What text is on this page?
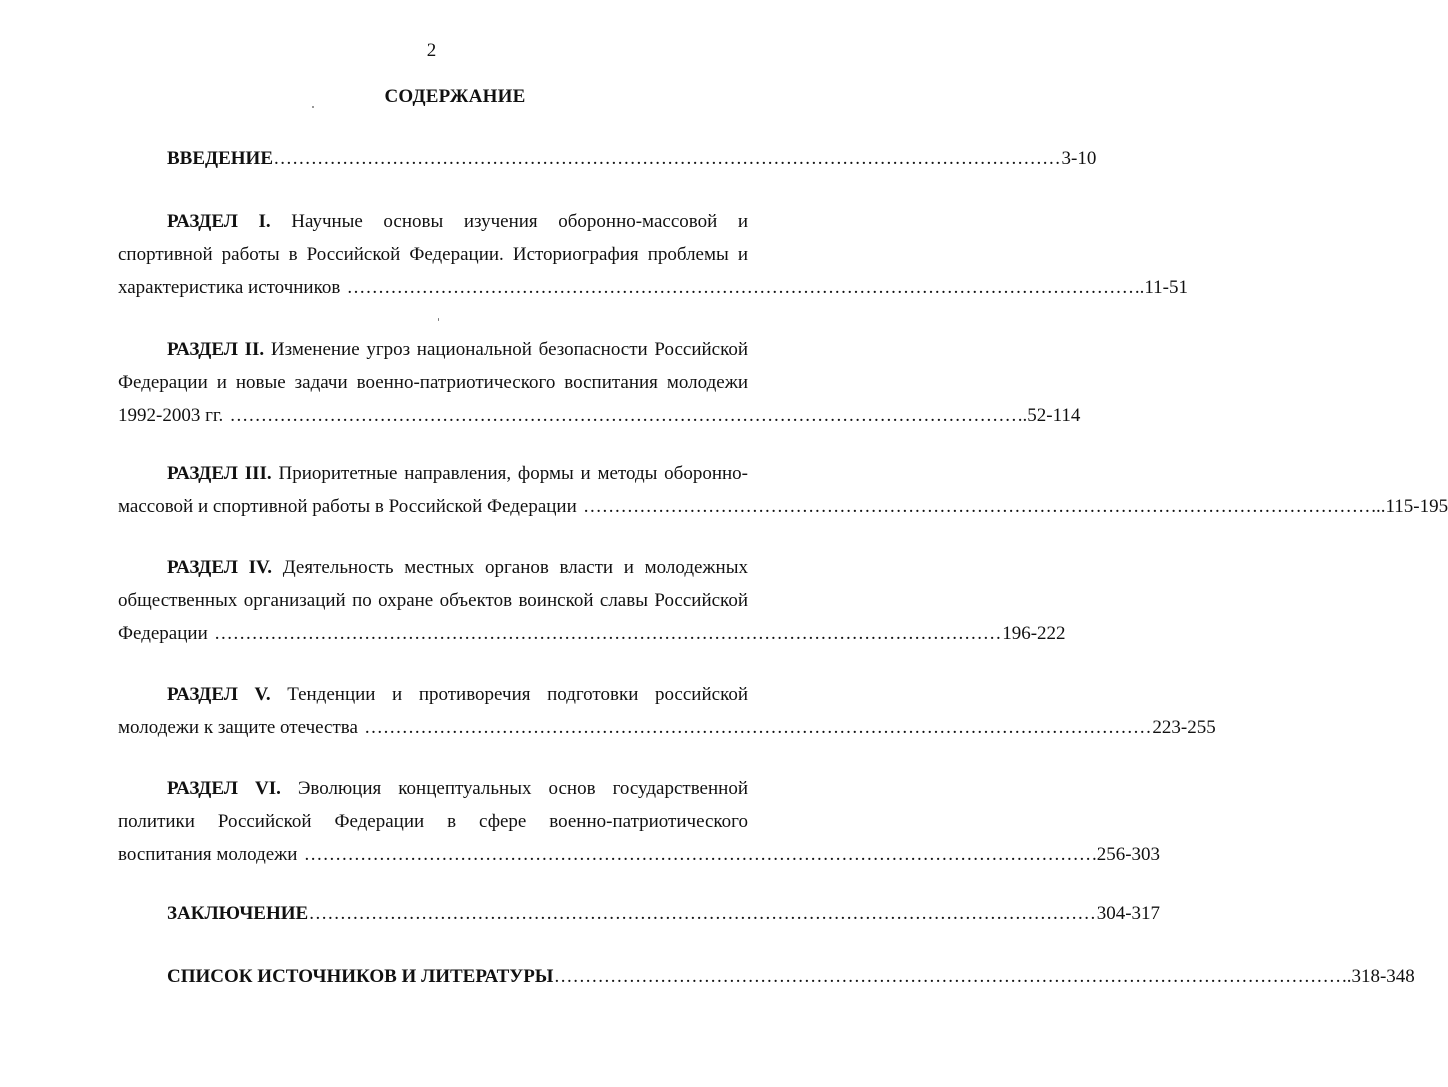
2
СОДЕРЖАНИЕ
ВВЕДЕНИЕ .............................................................................................................................. 3-10
РАЗДЕЛ I. Научные основы изучения оборонно-массовой и
спортивной работы в Российской Федерации. Историография проблемы и
характеристика источников .............................................................................................................................. ..11-51
РАЗДЕЛ II. Изменение угроз национальной безопасности Российской
Федерации и новые задачи военно-патриотического воспитания молодежи
1992-2003 гг. .............................................................................................................................. ..52-114
РАЗДЕЛ III. Приоритетные направления, формы и методы оборонно-
массовой и спортивной работы в Российской Федерации .............................................................................................................................. ...115-195
РАЗДЕЛ IV. Деятельность местных органов власти и молодежных
общественных организаций по охране объектов воинской славы Российской
Федерации .............................................................................................................................. 196-222
РАЗДЕЛ V. Тенденции и противоречия подготовки российской
молодежи к защите отечества .............................................................................................................................. 223-255
РАЗДЕЛ VI. Эволюция концептуальных основ государственной
политики Российской Федерации в сфере военно-патриотического
воспитания молодежи .............................................................................................................................. .256-303
ЗАКЛЮЧЕНИЕ .............................................................................................................................. 304-317
СПИСОК ИСТОЧНИКОВ И ЛИТЕРАТУРЫ .............................................................................................................................. ..318-348
